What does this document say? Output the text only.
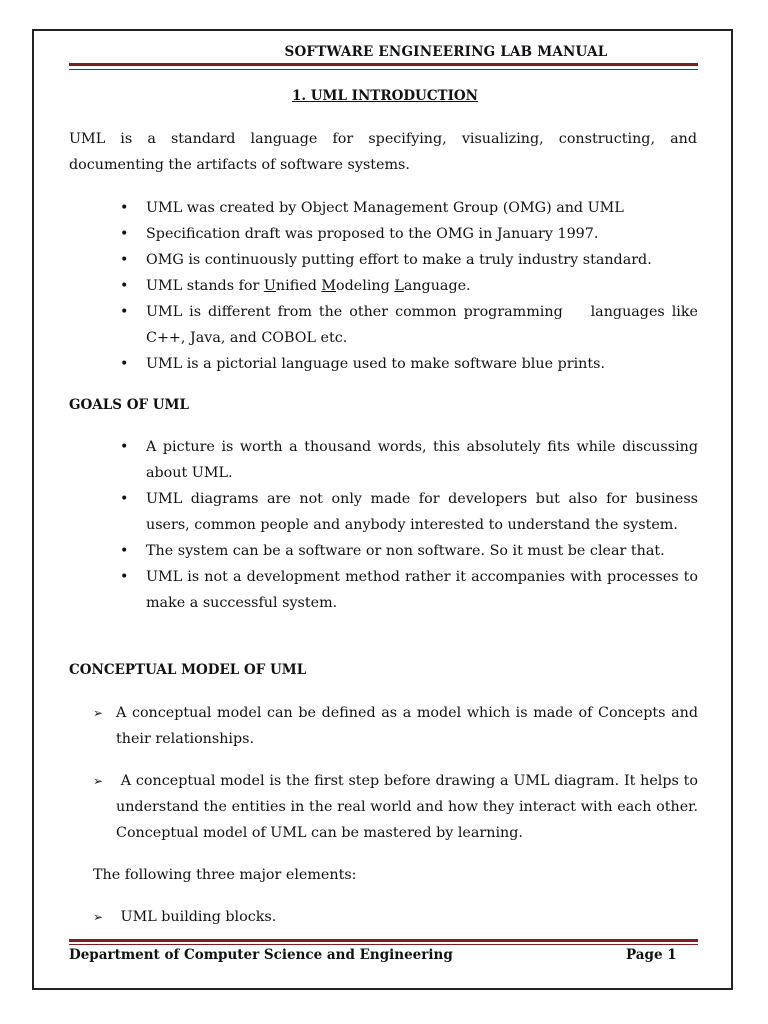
SOFTWARE ENGINEERING LAB MANUAL
1. UML INTRODUCTION
UML is a standard language for specifying, visualizing, constructing, and documenting the artifacts of software systems.
• UML was created by Object Management Group (OMG) and UML
• Specification draft was proposed to the OMG in January 1997.
• OMG is continuously putting effort to make a truly industry standard.
• UML stands for Unified Modeling Language.
• UML is different from the other common programming    languages like C++, Java, and COBOL etc.
• UML is a pictorial language used to make software blue prints.
GOALS OF UML
• A picture is worth a thousand words, this absolutely fits while discussing about UML.
• UML diagrams are not only made for developers but also for business users, common people and anybody interested to understand the system.
• The system can be a software or non software. So it must be clear that.
• UML is not a development method rather it accompanies with processes to make a successful system.
CONCEPTUAL MODEL OF UML
➢ A conceptual model can be defined as a model which is made of Concepts and their relationships.
➢ A conceptual model is the first step before drawing a UML diagram. It helps to understand the entities in the real world and how they interact with each other. Conceptual model of UML can be mastered by learning.
The following three major elements:
➢ UML building blocks.
Department of Computer Science and Engineering	Page 1
